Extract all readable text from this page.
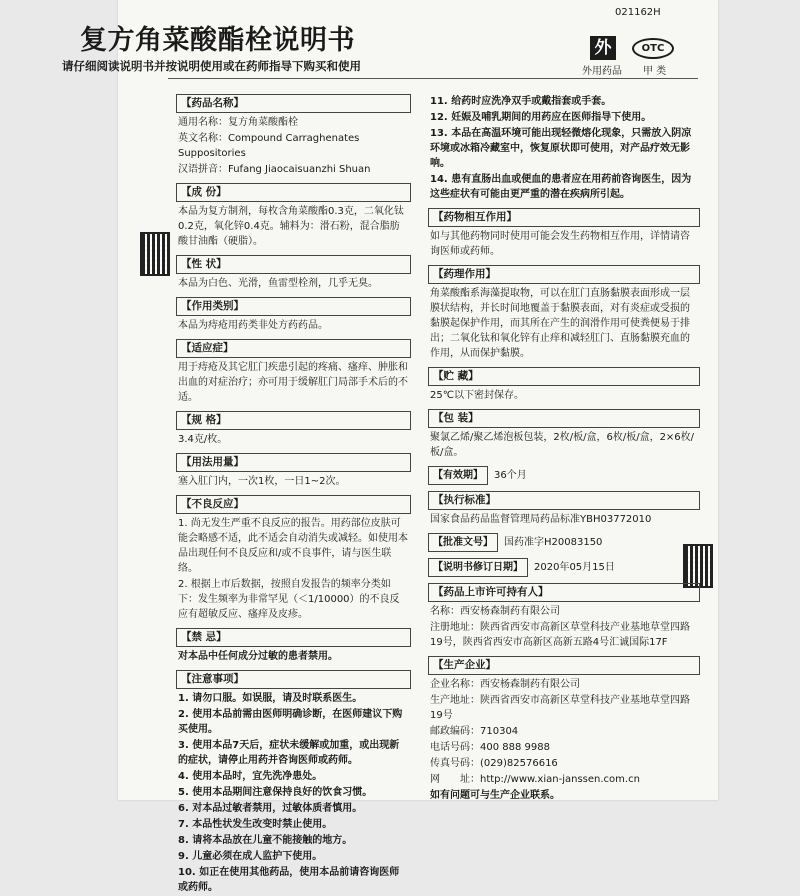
复方角菜酸酯栓说明书
请仔细阅读说明书并按说明使用或在药师指导下购买和使用
021162H
外
外用药品
OTC
甲 类
【药品名称】

通用名称：复方角菜酸酯栓

英文名称：Compound Carraghenates Suppositories

汉语拼音：Fufang Jiaocaisuanzhi Shuan

【成 份】

本品为复方制剂，每枚含角菜酸酯0.3克，二氧化钛0.2克，氧化锌0.4克。辅料为：滑石粉，混合脂肪酸甘油酯（硬脂）。

【性 状】

本品为白色、光滑，鱼雷型栓剂，几乎无臭。

【作用类别】

本品为痔疮用药类非处方药药品。

【适应症】

用于痔疮及其它肛门疾患引起的疼痛、瘙痒、肿胀和出血的对症治疗；亦可用于缓解肛门局部手术后的不适。

【规 格】

3.4克/枚。

【用法用量】

塞入肛门内，一次1枚，一日1~2次。

【不良反应】

1. 尚无发生严重不良反应的报告。用药部位皮肤可能会略感不适，此不适会自动消失或减轻。如使用本品出现任何不良反应和/或不良事件，请与医生联络。

2. 根据上市后数据，按照自发报告的频率分类如下：发生频率为非常罕见（＜1/10000）的不良反应有超敏反应、瘙痒及皮疹。

【禁 忌】

对本品中任何成分过敏的患者禁用。

【注意事项】

1. 请勿口服。如误服，请及时联系医生。

2. 使用本品前需由医师明确诊断，在医师建议下购买使用。

3. 使用本品7天后，症状未缓解或加重，或出现新的症状，请停止用药并咨询医师或药师。

4. 使用本品时，宜先洗净患处。

5. 使用本品期间注意保持良好的饮食习惯。

6. 对本品过敏者禁用，过敏体质者慎用。

7. 本品性状发生改变时禁止使用。

8. 请将本品放在儿童不能接触的地方。

9. 儿童必须在成人监护下使用。

10. 如正在使用其他药品，使用本品前请咨询医师或药师。

11. 给药时应洗净双手或戴指套或手套。

12. 妊娠及哺乳期间的用药应在医师指导下使用。

13. 本品在高温环境可能出现轻微熔化现象，只需放入阴凉环境或冰箱冷藏室中，恢复原状即可使用，对产品疗效无影响。

14. 患有直肠出血或便血的患者应在用药前咨询医生，因为这些症状有可能由更严重的潜在疾病所引起。

【药物相互作用】

如与其他药物同时使用可能会发生药物相互作用，详情请咨询医师或药师。

【药理作用】

角菜酸酯系海藻提取物，可以在肛门直肠黏膜表面形成一层膜状结构，并长时间地覆盖于黏膜表面，对有炎症或受损的黏膜起保护作用，而其所在产生的润滑作用可使粪便易于排出；二氧化钛和氧化锌有止痒和减轻肛门、直肠黏膜充血的作用，从而保护黏膜。

【贮 藏】

25℃以下密封保存。

【包 装】

聚氯乙烯/聚乙烯泡板包装，2枚/板/盒，6枚/板/盒，2×6枚/板/盒。

【有效期】	36个月
【执行标准】

国家食品药品监督管理局药品标准YBH03772010

【批准文号】	国药准字H20083150
【说明书修订日期】	2020年05月15日
【药品上市许可持有人】

名称：西安杨森制药有限公司

注册地址：陕西省西安市高新区草堂科技产业基地草堂四路19号，陕西省西安市高新区高新五路4号汇诚国际17F

【生产企业】

企业名称：西安杨森制药有限公司

生产地址：陕西省西安市高新区草堂科技产业基地草堂四路19号

邮政编码：710304

电话号码：400 888 9988

传真号码：(029)82576616

网　　址：http://www.xian-janssen.com.cn

如有问题可与生产企业联系。
